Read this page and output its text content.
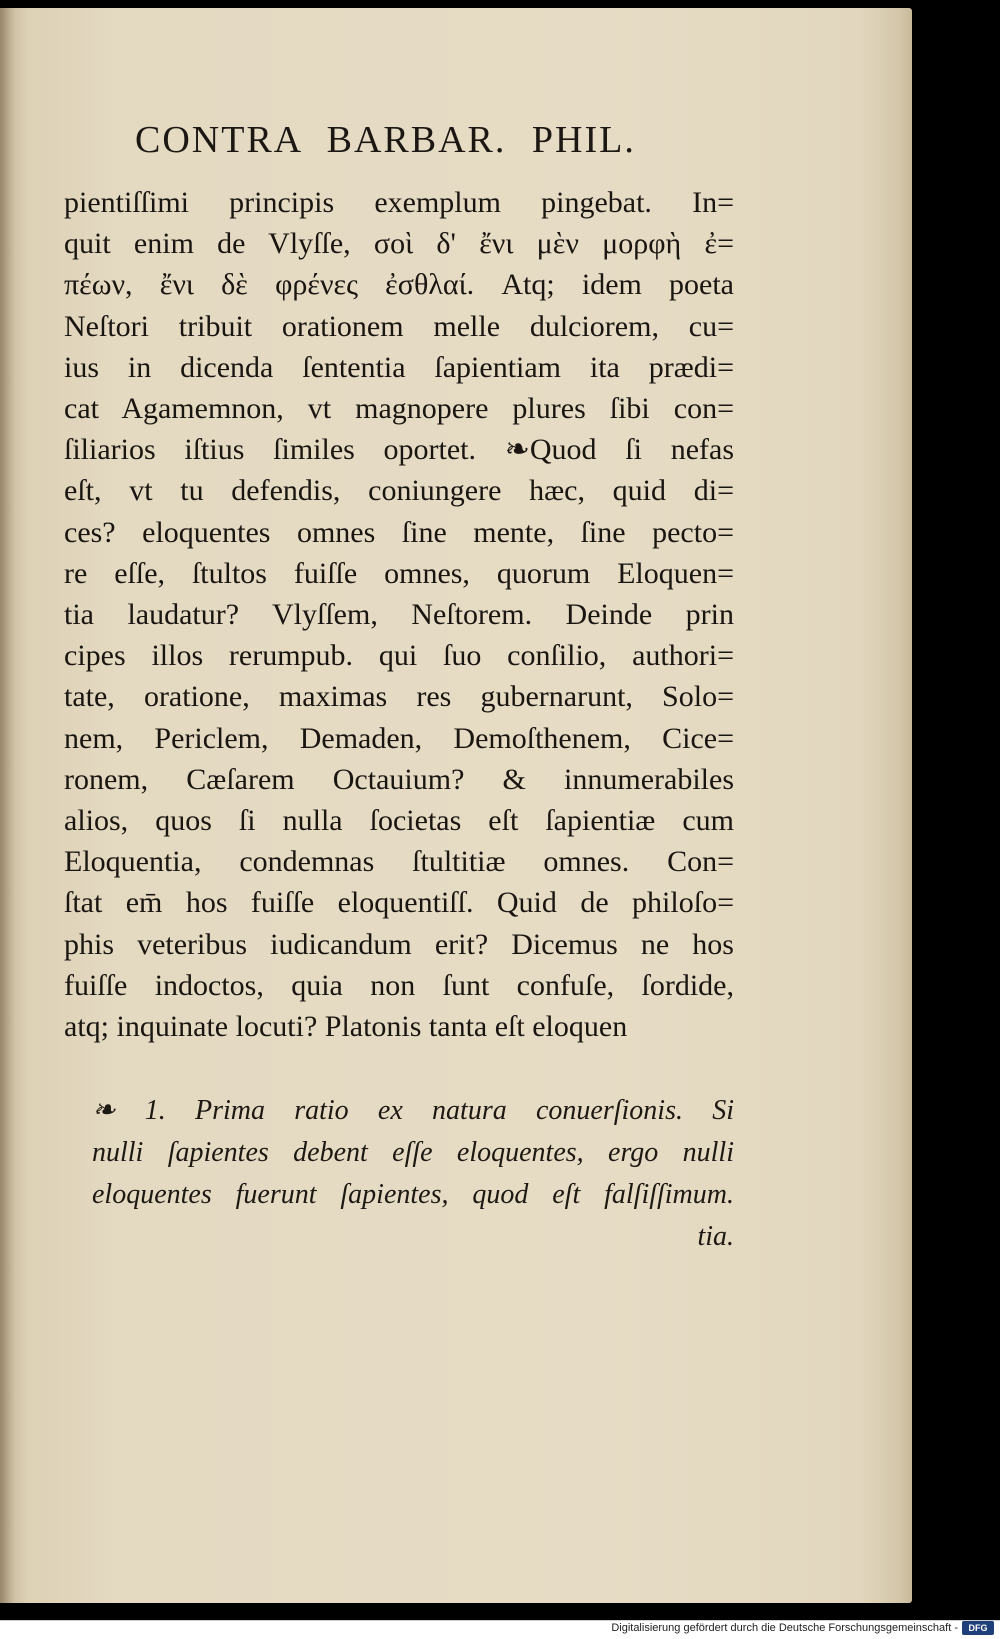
CONTRA BARBAR. PHIL.
pientiſſimi principis exemplum pingebat. In=
quit enim de Vlyſſe, σοὶ δ' ἔνι μὲν μορφὴ ἐ=
πέων, ἔνι δὲ φρένες ἐσθλαί. Atq; idem poeta
Neſtori tribuit orationem melle dulciorem, cu=
ius in dicenda ſententia ſapientiam ita prædi=
cat Agamemnon, vt magnopere plures ſibi con=
ſiliarios iſtius ſimiles oportet. ❧Quod ſi nefas
eſt, vt tu defendis, coniungere hæc, quid di=
ces? eloquentes omnes ſine mente, ſine pecto=
re eſſe, ſtultos fuiſſe omnes, quorum Eloquen=
tia laudatur? Vlyſſem, Neſtorem. Deinde prin
cipes illos rerumpub. qui ſuo conſilio, authori=
tate, oratione, maximas res gubernarunt, Solo=
nem, Periclem, Demaden, Demoſthenem, Cice=
ronem, Cæſarem Octauium? & innumerabiles
alios, quos ſi nulla ſocietas eſt ſapientiæ cum
Eloquentia, condemnas ſtultitiæ omnes. Con=
ſtat em̄ hos fuiſſe eloquentiſſ. Quid de philoſo=
phis veteribus iudicandum erit? Dicemus ne hos
fuiſſe indoctos, quia non ſunt confuſe, ſordide,
atq; inquinate locuti? Platonis tanta eſt eloquen
❧ 1. Prima ratio ex natura conuerſionis. Si
nulli ſapientes debent eſſe eloquentes, ergo nulli
eloquentes fuerunt ſapientes, quod eſt falſiſſimum.
tia.
Digitalisierung gefördert durch die Deutsche Forschungsgemeinschaft -	DFG
